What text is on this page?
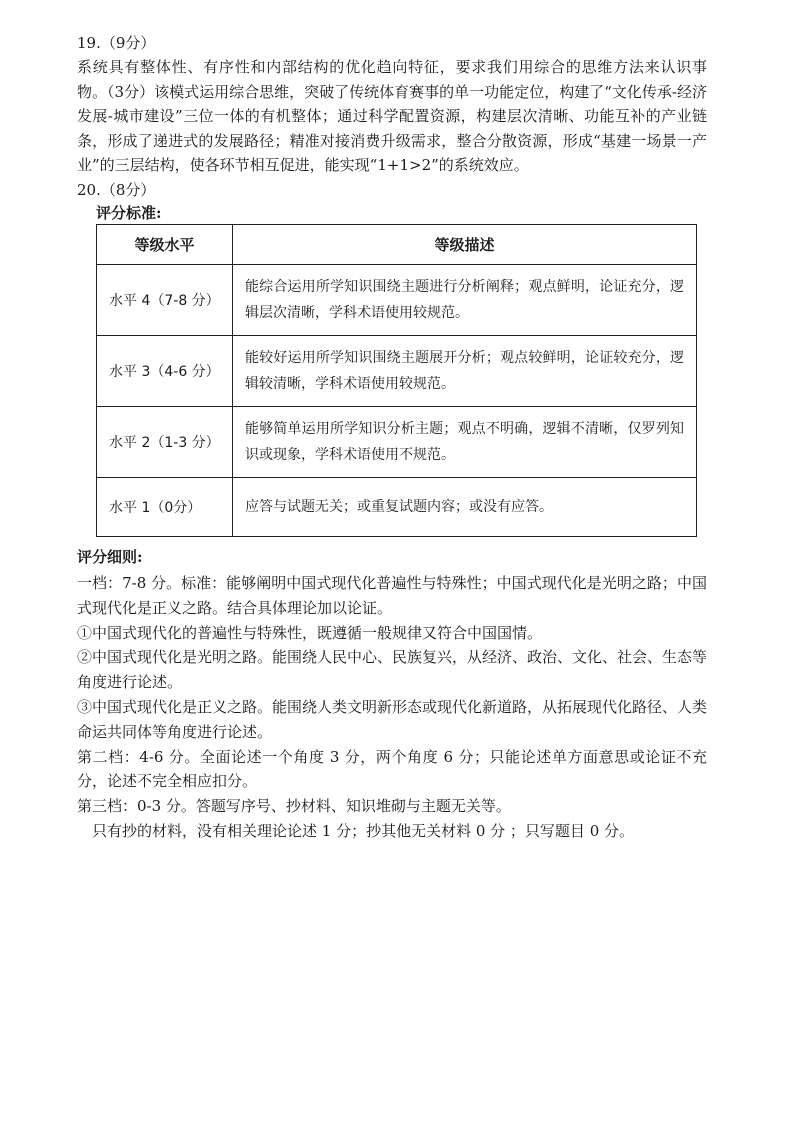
19.（9分）

系统具有整体性、有序性和内部结构的优化趋向特征，要求我们用综合的思维方法来认识事物。（3分）该模式运用综合思维，突破了传统体育赛事的单一功能定位，构建了“文化传承-经济发展-城市建设”三位一体的有机整体；通过科学配置资源，构建层次清晰、功能互补的产业链条，形成了递进式的发展路径；精准对接消费升级需求，整合分散资源，形成“基建一场景一产业”的三层结构，使各环节相互促进，能实现“1+1>2”的系统效应。

20.（8分）
评分标准:
等级水平	等级描述
水平 4（7-8 分）	能综合运用所学知识围绕主题进行分析阐释；观点鲜明，论证充分，逻辑层次清晰，学科术语使用较规范。
水平 3（4-6 分）	能较好运用所学知识围绕主题展开分析；观点较鲜明，论证较充分，逻辑较清晰，学科术语使用较规范。
水平 2（1-3 分）	能够简单运用所学知识分析主题；观点不明确，逻辑不清晰，仅罗列知识或现象，学科术语使用不规范。
水平 1（0分）	应答与试题无关；或重复试题内容；或没有应答。
评分细则:

一档：7-8 分。标准：能够阐明中国式现代化普遍性与特殊性；中国式现代化是光明之路；中国式现代化是正义之路。结合具体理论加以论证。

①中国式现代化的普遍性与特殊性，既遵循一般规律又符合中国国情。

②中国式现代化是光明之路。能围绕人民中心、民族复兴，从经济、政治、文化、社会、生态等角度进行论述。

③中国式现代化是正义之路。能围绕人类文明新形态或现代化新道路，从拓展现代化路径、人类命运共同体等角度进行论述。

第二档：4-6 分。全面论述一个角度 3 分，两个角度 6 分；只能论述单方面意思或论证不充分，论述不完全相应扣分。

第三档：0-3 分。答题写序号、抄材料、知识堆砌与主题无关等。

只有抄的材料，没有相关理论论述 1 分；抄其他无关材料 0 分 ；只写题目 0 分。
